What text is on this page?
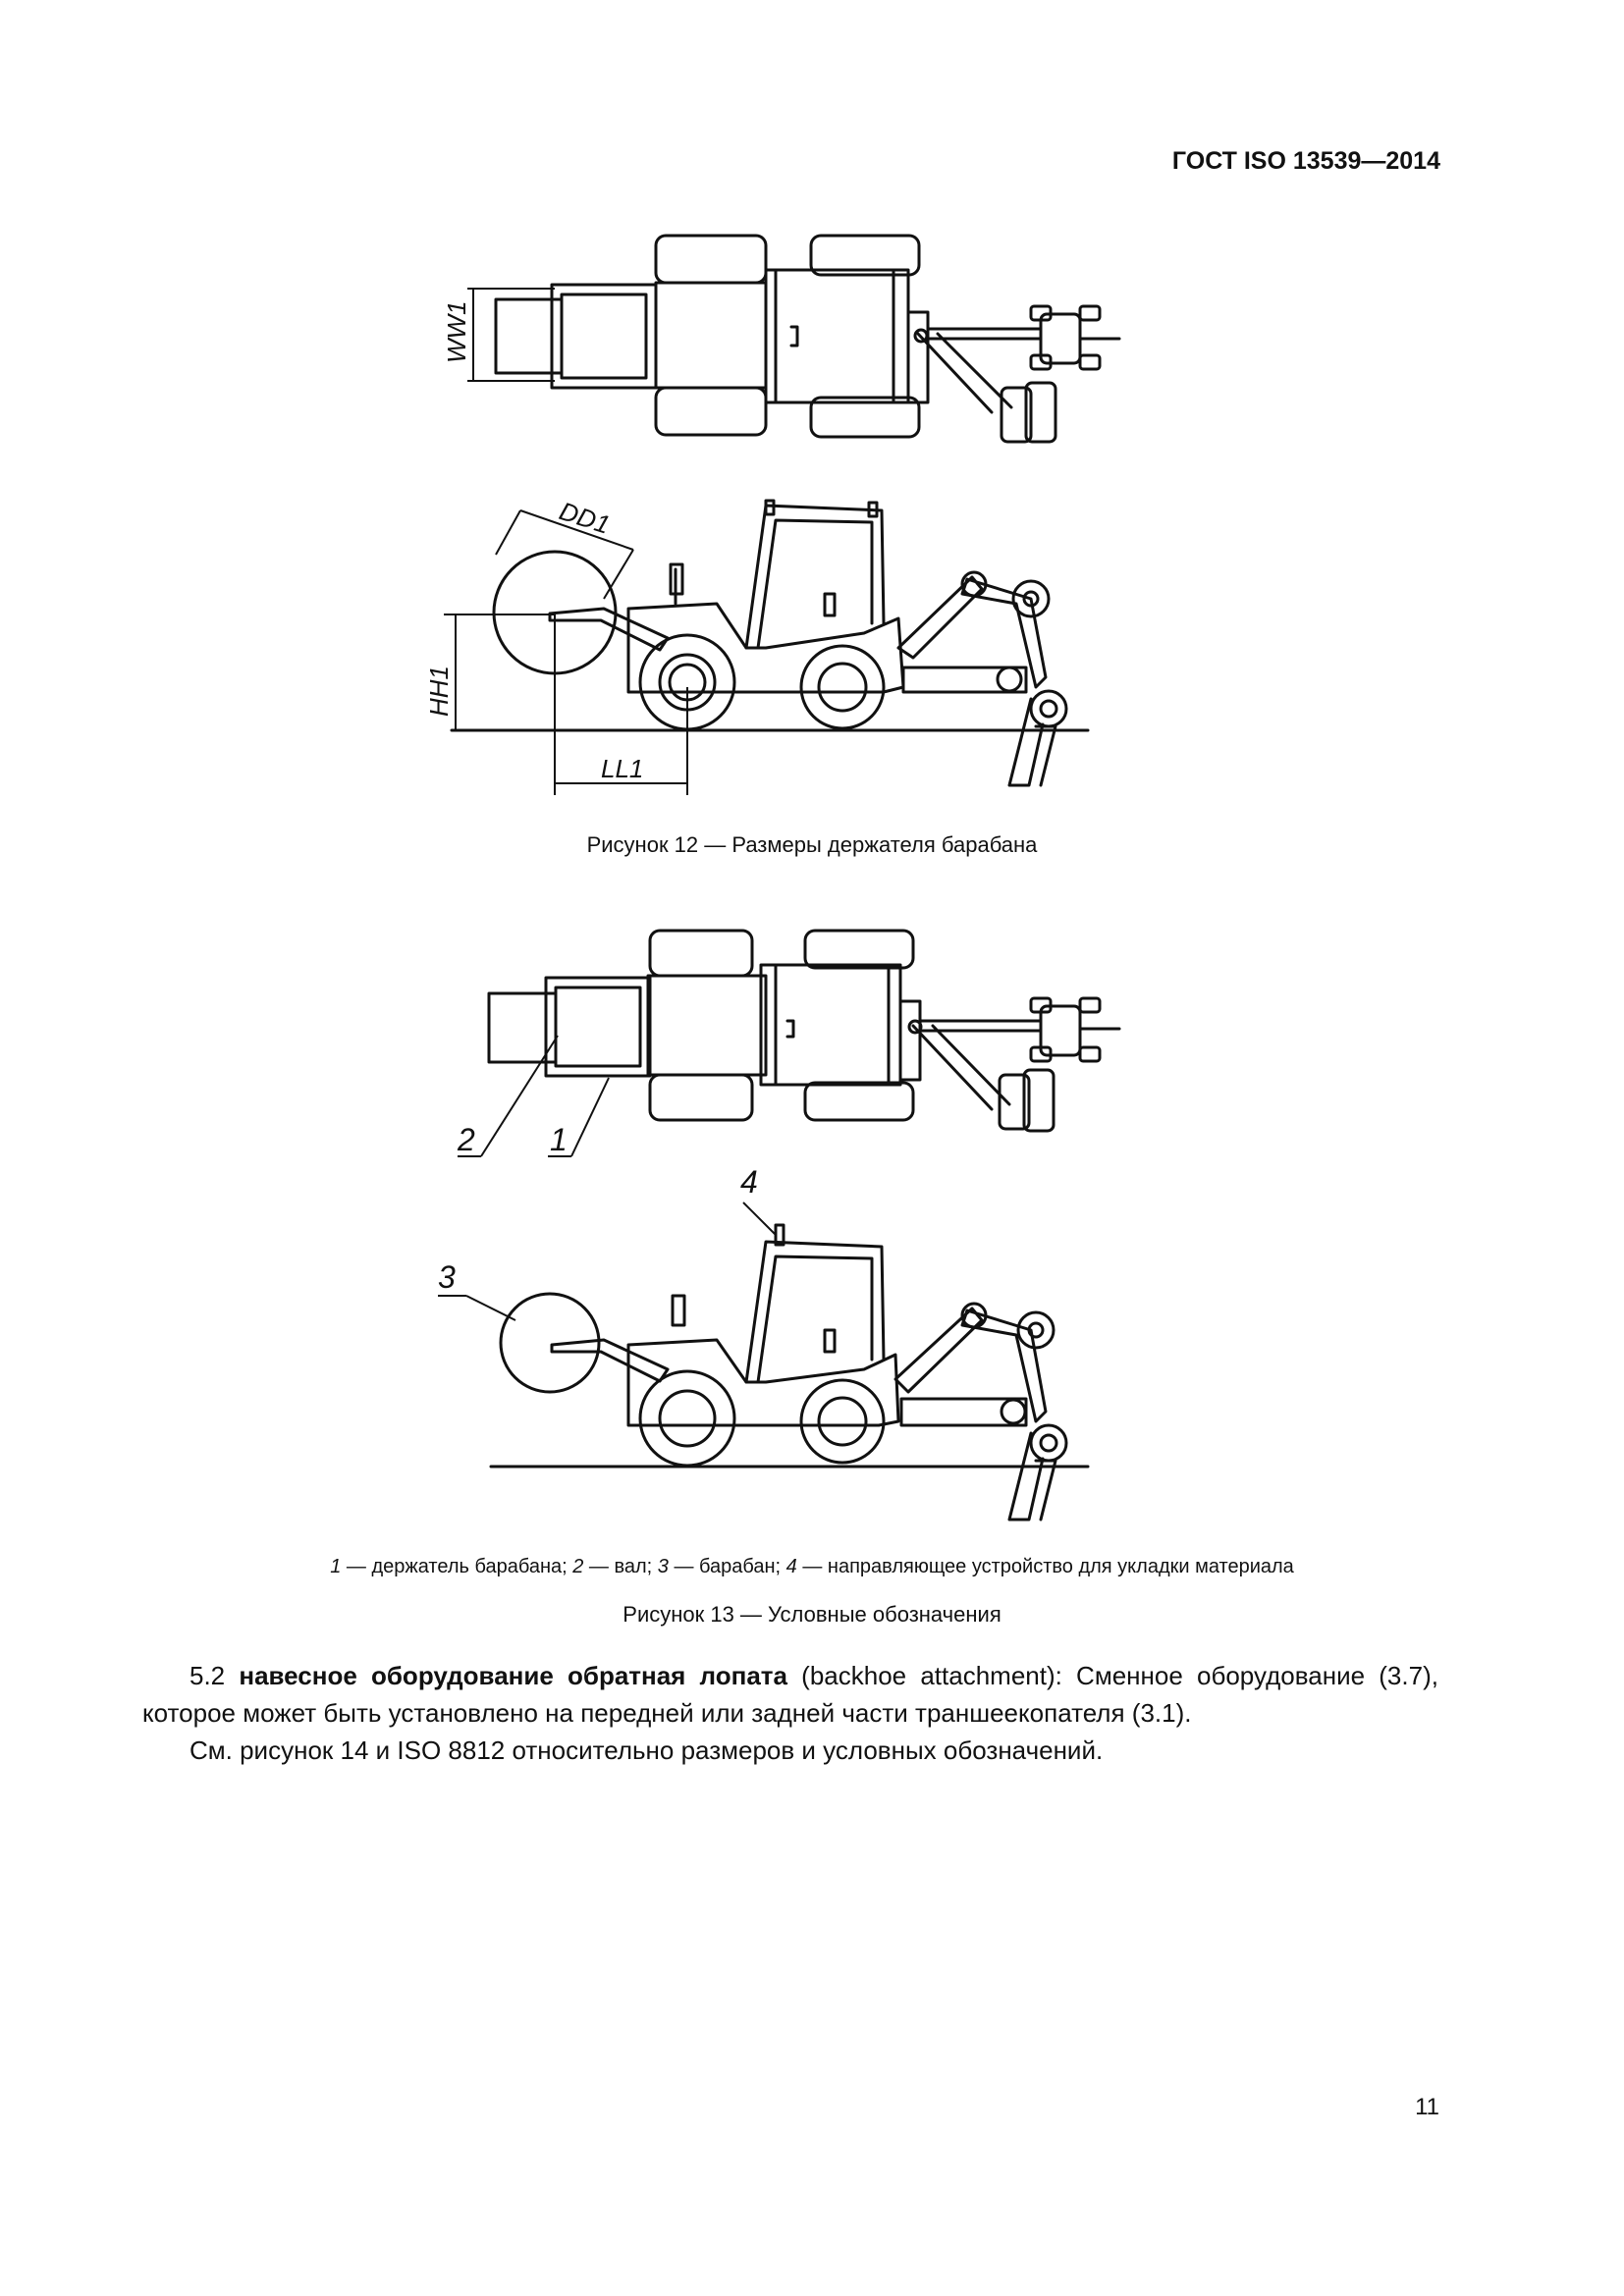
ГОСТ ISO 13539—2014
WW1
DD1
HH1
LL1
2 1
3
4
Рисунок 12 — Размеры держателя барабана
1 — держатель барабана; 2 — вал; 3 — барабан; 4 — направляющее устройство для укладки материала
Рисунок 13 — Условные обозначения
5.2 навесное оборудование обратная лопата (backhoe attachment): Сменное оборудование (3.7), которое может быть установлено на передней или задней части траншеекопателя (3.1).
См. рисунок 14 и ISO 8812 относительно размеров и условных обозначений.
11
